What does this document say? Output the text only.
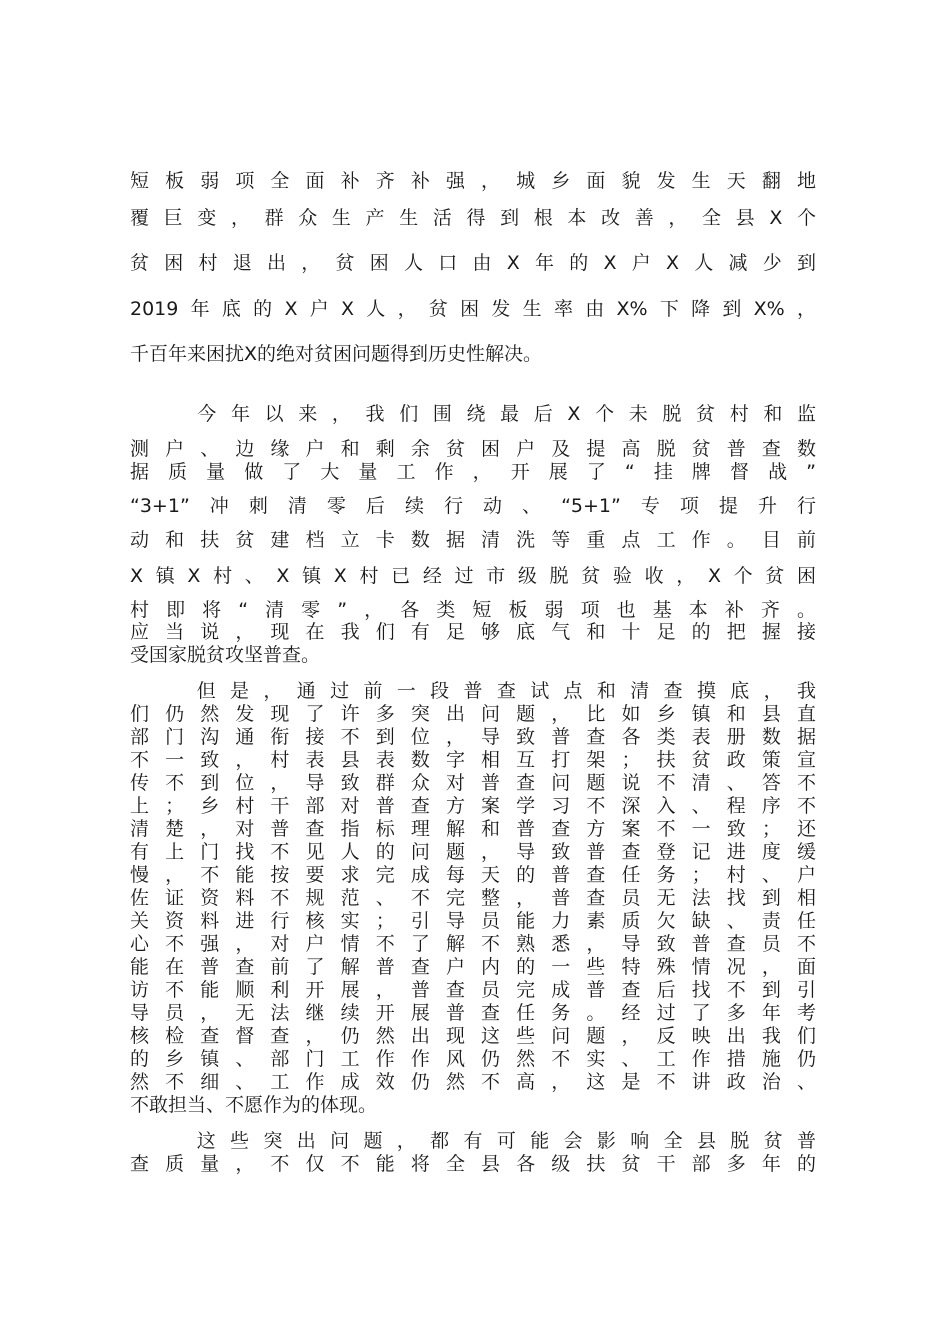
短板弱项全面补齐补强，城乡面貌发生天翻地
覆巨变，群众生产生活得到根本改善，全县X个
贫困村退出，贫困人口由X年的X户X人减少到
2019年底的X户X人，贫困发生率由X%下降到X%，
千百年来困扰X的绝对贫困问题得到历史性解决。
　　今年以来，我们围绕最后X个未脱贫村和监
测户、边缘户和剩余贫困户及提高脱贫普查数
据质量做了大量工作，开展了“挂牌督战”
“3+1”冲刺清零后续行动、“5+1”专项提升行
动和扶贫建档立卡数据清洗等重点工作。目前
X镇X村、X镇X村已经过市级脱贫验收，X个贫困
村即将“清零”，各类短板弱项也基本补齐。
应当说，现在我们有足够底气和十足的把握接
受国家脱贫攻坚普查。
　　但是，通过前一段普查试点和清查摸底，我
们仍然发现了许多突出问题，比如乡镇和县直
部门沟通衔接不到位，导致普查各类表册数据
不一致，村表县表数字相互打架；扶贫政策宣
传不到位，导致群众对普查问题说不清、答不
上；乡村干部对普查方案学习不深入、程序不
清楚，对普查指标理解和普查方案不一致；还
有上门找不见人的问题，导致普查登记进度缓
慢，不能按要求完成每天的普查任务；村、户
佐证资料不规范、不完整，普查员无法找到相
关资料进行核实；引导员能力素质欠缺、责任
心不强，对户情不了解不熟悉，导致普查员不
能在普查前了解普查户内的一些特殊情况，面
访不能顺利开展，普查员完成普查后找不到引
导员，无法继续开展普查任务。经过了多年考
核检查督查，仍然出现这些问题，反映出我们
的乡镇、部门工作作风仍然不实、工作措施仍
然不细、工作成效仍然不高，这是不讲政治、
不敢担当、不愿作为的体现。
　　这些突出问题，都有可能会影响全县脱贫普
查质量，不仅不能将全县各级扶贫干部多年的
